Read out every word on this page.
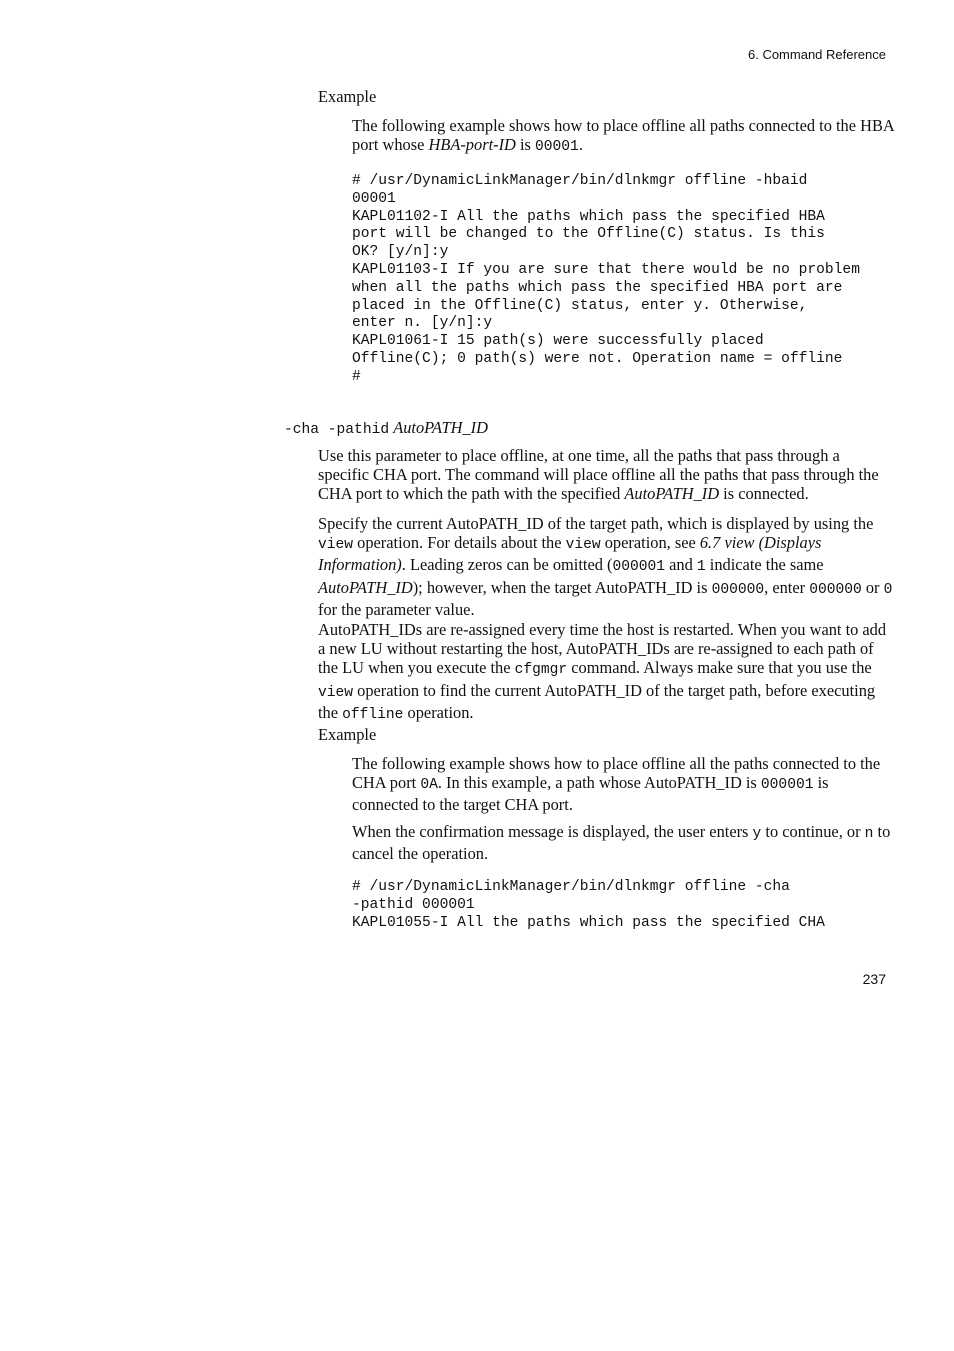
6. Command Reference
Example
The following example shows how to place offline all paths connected to the HBA port whose HBA-port-ID is 00001.
# /usr/DynamicLinkManager/bin/dlnkmgr offline -hbaid
00001
KAPL01102-I All the paths which pass the specified HBA
port will be changed to the Offline(C) status. Is this
OK? [y/n]:y
KAPL01103-I If you are sure that there would be no problem
when all the paths which pass the specified HBA port are
placed in the Offline(C) status, enter y. Otherwise,
enter n. [y/n]:y
KAPL01061-I 15 path(s) were successfully placed
Offline(C); 0 path(s) were not. Operation name = offline
#
-cha -pathid AutoPATH_ID
Use this parameter to place offline, at one time, all the paths that pass through a specific CHA port. The command will place offline all the paths that pass through the CHA port to which the path with the specified AutoPATH_ID is connected.
Specify the current AutoPATH_ID of the target path, which is displayed by using the view operation. For details about the view operation, see 6.7 view (Displays Information). Leading zeros can be omitted (000001 and 1 indicate the same AutoPATH_ID); however, when the target AutoPATH_ID is 000000, enter 000000 or 0 for the parameter value.
AutoPATH_IDs are re-assigned every time the host is restarted. When you want to add a new LU without restarting the host, AutoPATH_IDs are re-assigned to each path of the LU when you execute the cfgmgr command. Always make sure that you use the view operation to find the current AutoPATH_ID of the target path, before executing the offline operation.
Example
The following example shows how to place offline all the paths connected to the CHA port 0A. In this example, a path whose AutoPATH_ID is 000001 is connected to the target CHA port.
When the confirmation message is displayed, the user enters y to continue, or n to cancel the operation.
# /usr/DynamicLinkManager/bin/dlnkmgr offline -cha
-pathid 000001
KAPL01055-I All the paths which pass the specified CHA
237
